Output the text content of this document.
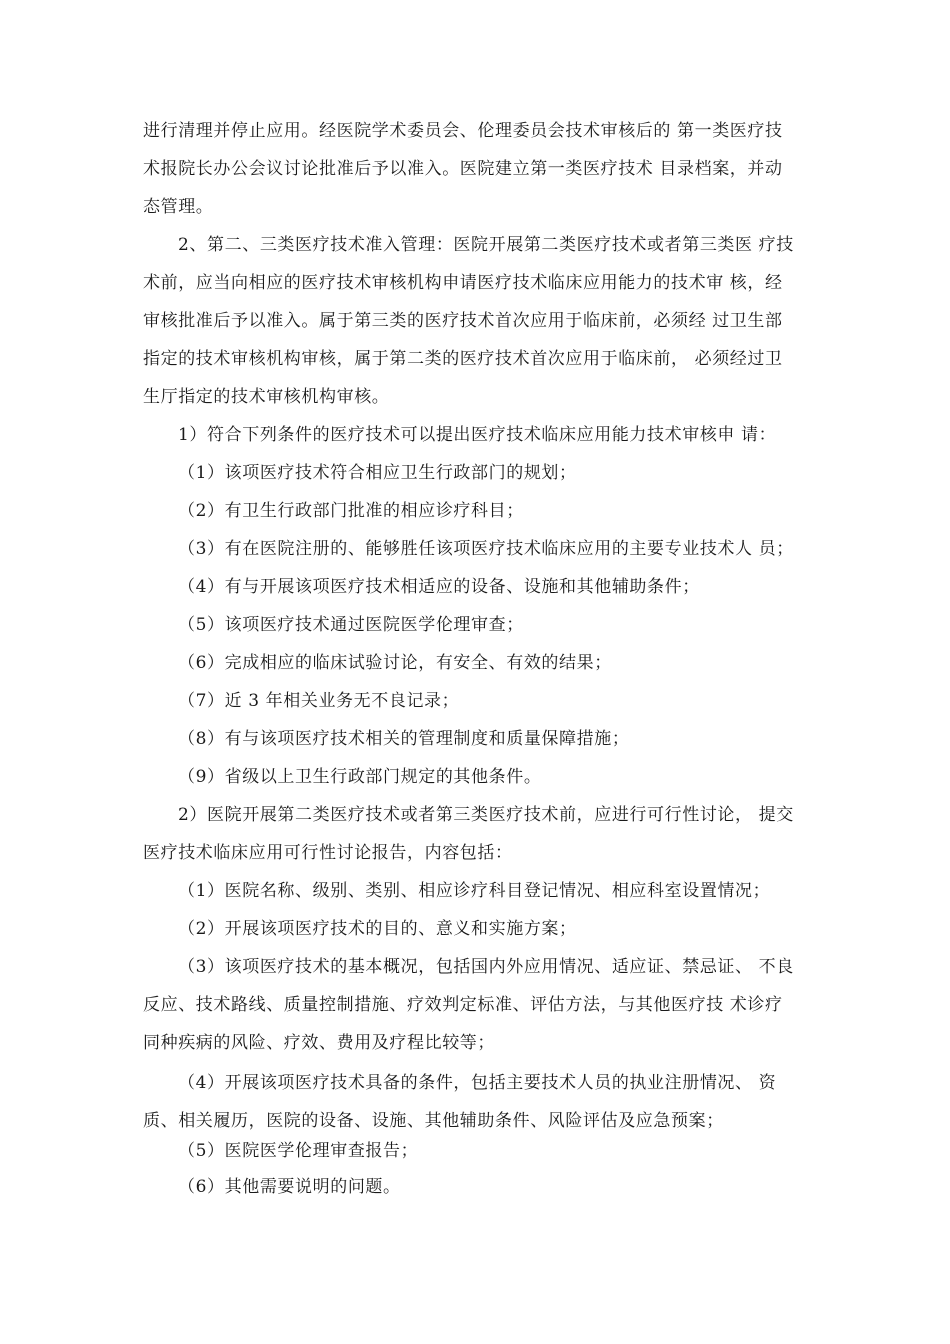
进行清理并停止应用。经医院学术委员会、伦理委员会技术审核后的 第一类医疗技
术报院长办公会议讨论批准后予以准入。医院建立第一类医疗技术 目录档案，并动
态管理。
2、第二、三类医疗技术准入管理：医院开展第二类医疗技术或者第三类医 疗技
术前，应当向相应的医疗技术审核机构申请医疗技术临床应用能力的技术审 核，经
审核批准后予以准入。属于第三类的医疗技术首次应用于临床前，必须经 过卫生部
指定的技术审核机构审核，属于第二类的医疗技术首次应用于临床前， 必须经过卫
生厅指定的技术审核机构审核。
1）符合下列条件的医疗技术可以提出医疗技术临床应用能力技术审核申 请：
（1）该项医疗技术符合相应卫生行政部门的规划；
（2）有卫生行政部门批准的相应诊疗科目；
（3）有在医院注册的、能够胜任该项医疗技术临床应用的主要专业技术人 员；
（4）有与开展该项医疗技术相适应的设备、设施和其他辅助条件；
（5）该项医疗技术通过医院医学伦理审查；
（6）完成相应的临床试验讨论，有安全、有效的结果；
（7）近 3 年相关业务无不良记录；
（8）有与该项医疗技术相关的管理制度和质量保障措施；
（9）省级以上卫生行政部门规定的其他条件。
2）医院开展第二类医疗技术或者第三类医疗技术前，应进行可行性讨论， 提交
医疗技术临床应用可行性讨论报告，内容包括：
（1）医院名称、级别、类别、相应诊疗科目登记情况、相应科室设置情况；
（2）开展该项医疗技术的目的、意义和实施方案；
（3）该项医疗技术的基本概况，包括国内外应用情况、适应证、禁忌证、 不良
反应、技术路线、质量控制措施、疗效判定标准、评估方法，与其他医疗技 术诊疗
同种疾病的风险、疗效、费用及疗程比较等；
（4）开展该项医疗技术具备的条件，包括主要技术人员的执业注册情况、 资
质、相关履历，医院的设备、设施、其他辅助条件、风险评估及应急预案；
（5）医院医学伦理审查报告；
（6）其他需要说明的问题。
